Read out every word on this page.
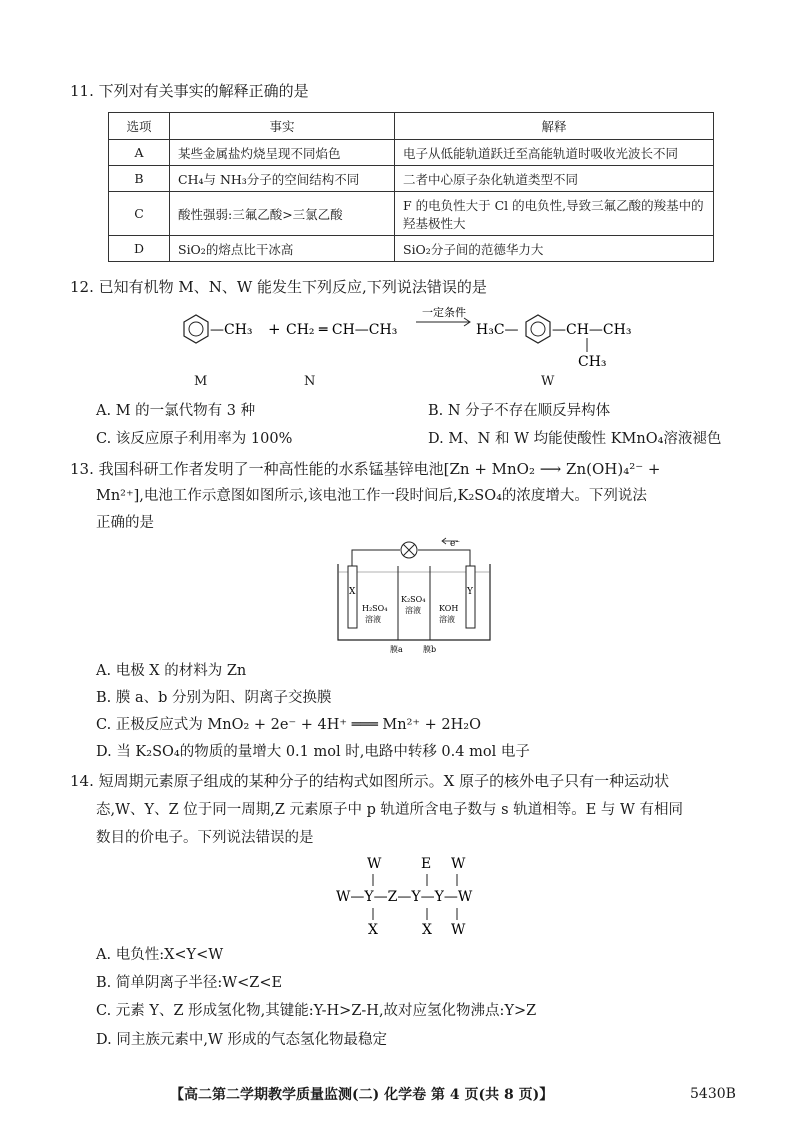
11. 下列对有关事实的解释正确的是
选项	事实	解释
A	某些金属盐灼烧呈现不同焰色	电子从低能轨道跃迁至高能轨道时吸收光波长不同
B	CH₄与 NH₃分子的空间结构不同	二者中心原子杂化轨道类型不同
C	酸性强弱:三氟乙酸>三氯乙酸	F 的电负性大于 Cl 的电负性,导致三氟乙酸的羧基中的羟基极性大
D	SiO₂的熔点比干冰高	SiO₂分子间的范德华力大
12. 已知有机物 M、N、W 能发生下列反应,下列说法错误的是
—CH₃ + CH₂ ═ CH—CH₃
一定条件
H₃C— —CH—CH₃
CH₃
M	N	W
A. M 的一氯代物有 3 种	B. N 分子不存在顺反异构体
C. 该反应原子利用率为 100%	D. M、N 和 W 均能使酸性 KMnO₄溶液褪色
13. 我国科研工作者发明了一种高性能的水系锰基锌电池[Zn + MnO₂ ⟶ Zn(OH)₄²⁻ +
Mn²⁺],电池工作示意图如图所示,该电池工作一段时间后,K₂SO₄的浓度增大。下列说法
正确的是
e⁻
X	Y
H₂SO₄
溶液
K₂SO₄
溶液 KOH
溶液
膜a	膜b
A. 电极 X 的材料为 Zn
B. 膜 a、b 分别为阳、阴离子交换膜
C. 正极反应式为 MnO₂ + 2e⁻ + 4H⁺ ═══ Mn²⁺ + 2H₂O
D. 当 K₂SO₄的物质的量增大 0.1 mol 时,电路中转移 0.4 mol 电子
14. 短周期元素原子组成的某种分子的结构式如图所示。X 原子的核外电子只有一种运动状
态,W、Y、Z 位于同一周期,Z 元素原子中 p 轨道所含电子数与 s 轨道相等。E 与 W 有相同
数目的价电子。下列说法错误的是
W	E W
W—Y—Z—Y—Y—W
X	X W
A. 电负性:X<Y<W
B. 简单阴离子半径:W<Z<E
C. 元素 Y、Z 形成氢化物,其键能:Y-H>Z-H,故对应氢化物沸点:Y>Z
D. 同主族元素中,W 形成的气态氢化物最稳定
【高二第二学期教学质量监测(二) 化学卷 第 4 页(共 8 页)】	5430B
